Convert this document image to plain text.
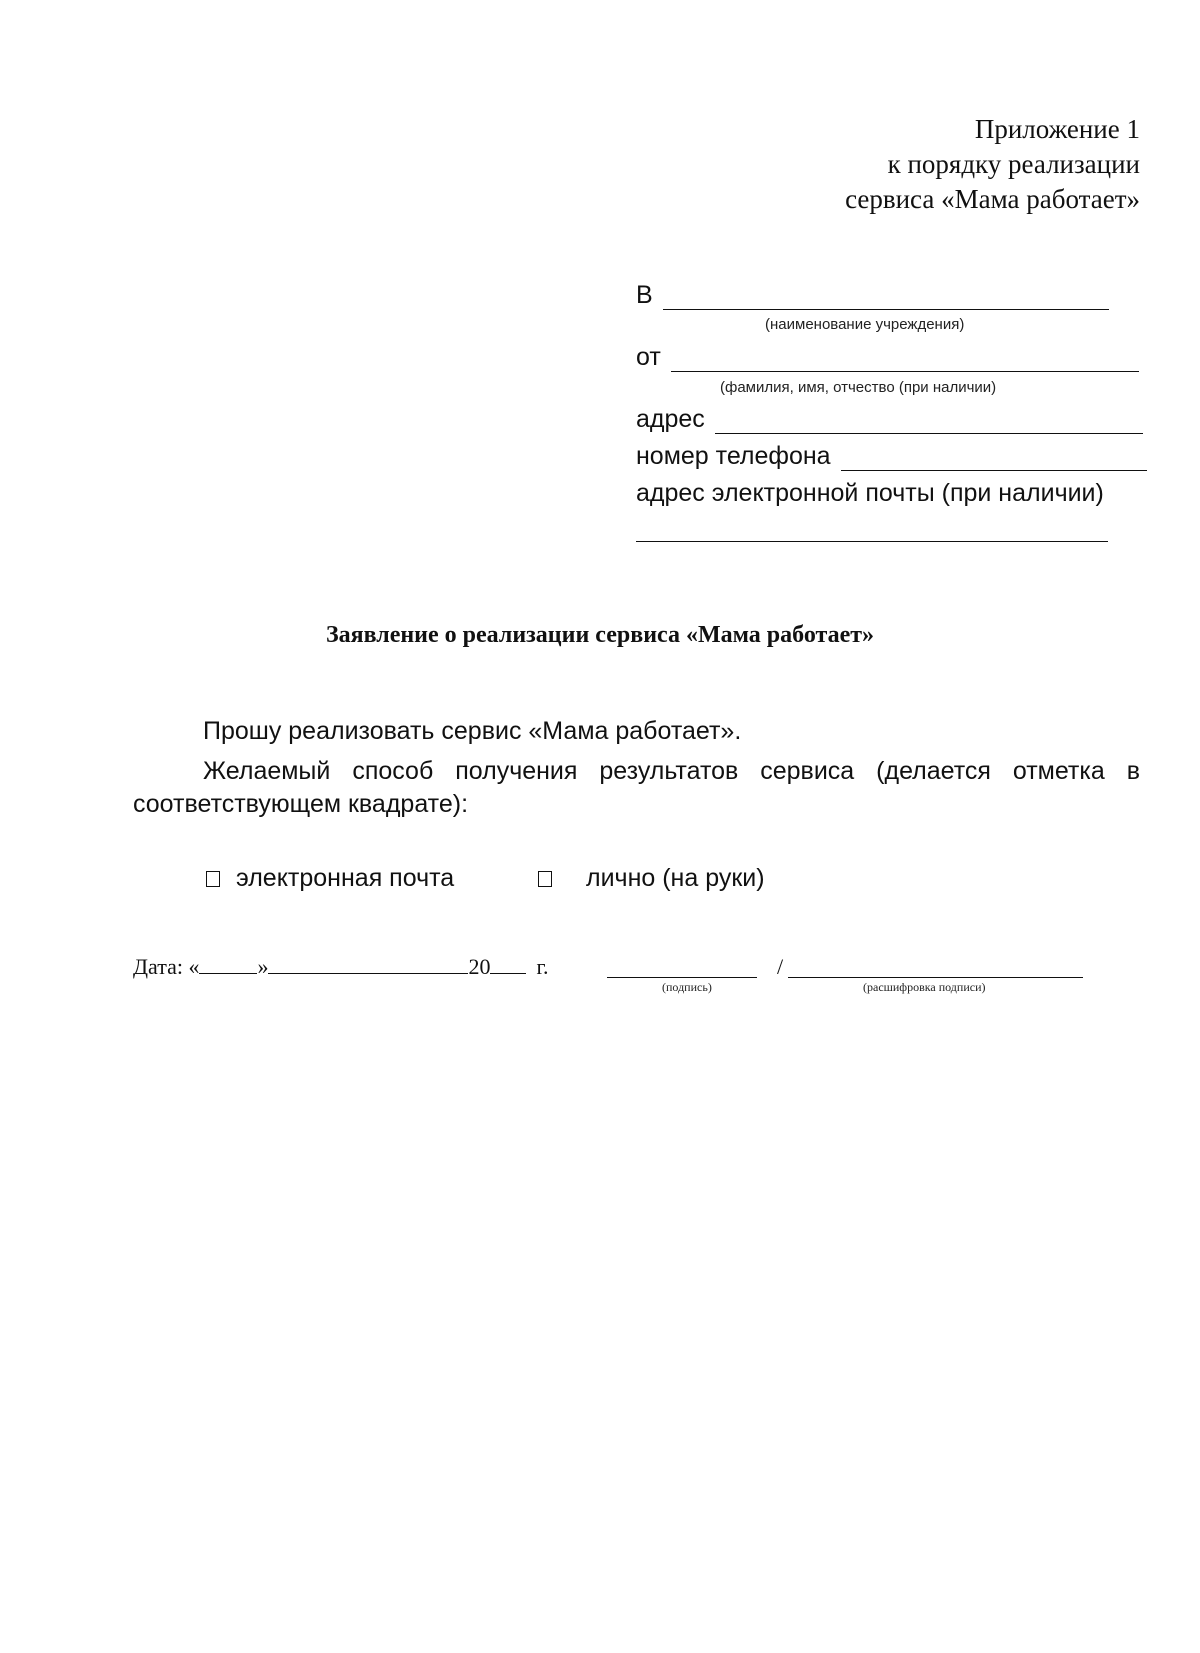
Приложение 1
к порядку реализации
сервиса «Мама работает»
В
(наименование учреждения)
от
(фамилия, имя, отчество (при наличии)
адрес
номер телефона
адрес электронной почты (при наличии)
Заявление о реализации сервиса «Мама работает»
Прошу реализовать сервис «Мама работает».
Желаемый способ получения результатов сервиса (делается отметка в соответствующем квадрате):
электронная почта	лично (на руки)
Дата: «	»	20 г.	/
(подпись)	(расшифровка подписи)
